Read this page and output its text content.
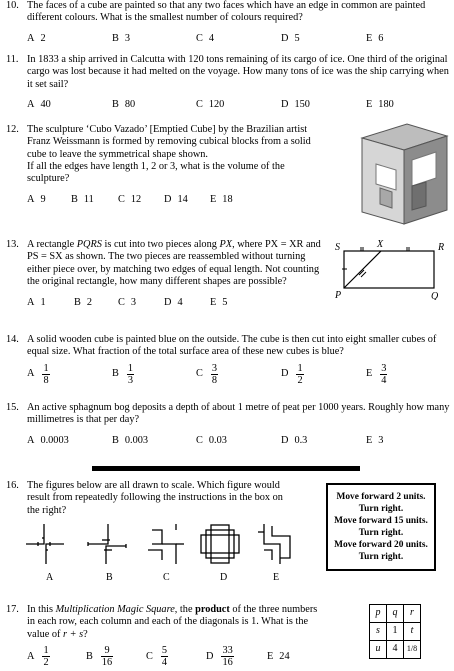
10. The faces of a cube are painted so that any two faces which have an edge in common are painted different colours. What is the smallest number of colours required?
A 2	B 3	C 4	D 5	E 6
11. In 1833 a ship arrived in Calcutta with 120 tons remaining of its cargo of ice. One third of the original cargo was lost because it had melted on the voyage. How many tons of ice was the ship carrying when it set sail?
A 40	B 80	C 120	D 150	E 180
12. The sculpture ‘Cubo Vazado’ [Emptied Cube] by the Brazilian artist Franz Weissmann is formed by removing cubical blocks from a solid cube to leave the symmetrical shape shown.
If all the edges have length 1, 2 or 3, what is the volume of the sculpture?
A 9 B 11 C 12 D 14 E 18
13. A rectangle PQRS is cut into two pieces along PX, where PX = XR and PS = SX as shown. The two pieces are reassembled without turning either piece over, by matching two edges of equal length. Not counting the original rectangle, how many different shapes are possible?
A 1	B 2	C 3	D 4	E 5
S	X	R
P	Q
14. A solid wooden cube is painted blue on the outside. The cube is then cut into eight smaller cubes of equal size. What fraction of the total surface area of these new cubes is blue?
A $\frac{1}{8}$	B $\frac{1}{3}$	C $\frac{3}{8}$	D $\frac{1}{2}$	E $\frac{3}{4}$
15. An active sphagnum bog deposits a depth of about 1 metre of peat per 1000 years. Roughly how many millimetres is that per day?
A 0.0003	B 0.003	C 0.03	D 0.3	E 3
16. The figures below are all drawn to scale. Which figure would result from repeatedly following the instructions in the box on the right?
Move forward 2 units.
Turn right.
Move forward 15 units.
Turn right.
Move forward 20 units.
Turn right.
A	B	C	D	E
17. In this Multiplication Magic Square, the product of the three numbers in each row, each column and each of the diagonals is 1. What is the value of r + s?
A $\frac{1}{2}$	B $\frac{9}{16}$	C $\frac{5}{4}$	D $\frac{33}{16}$	E 24
p	q	r
s	1	t
u	4	1/8
